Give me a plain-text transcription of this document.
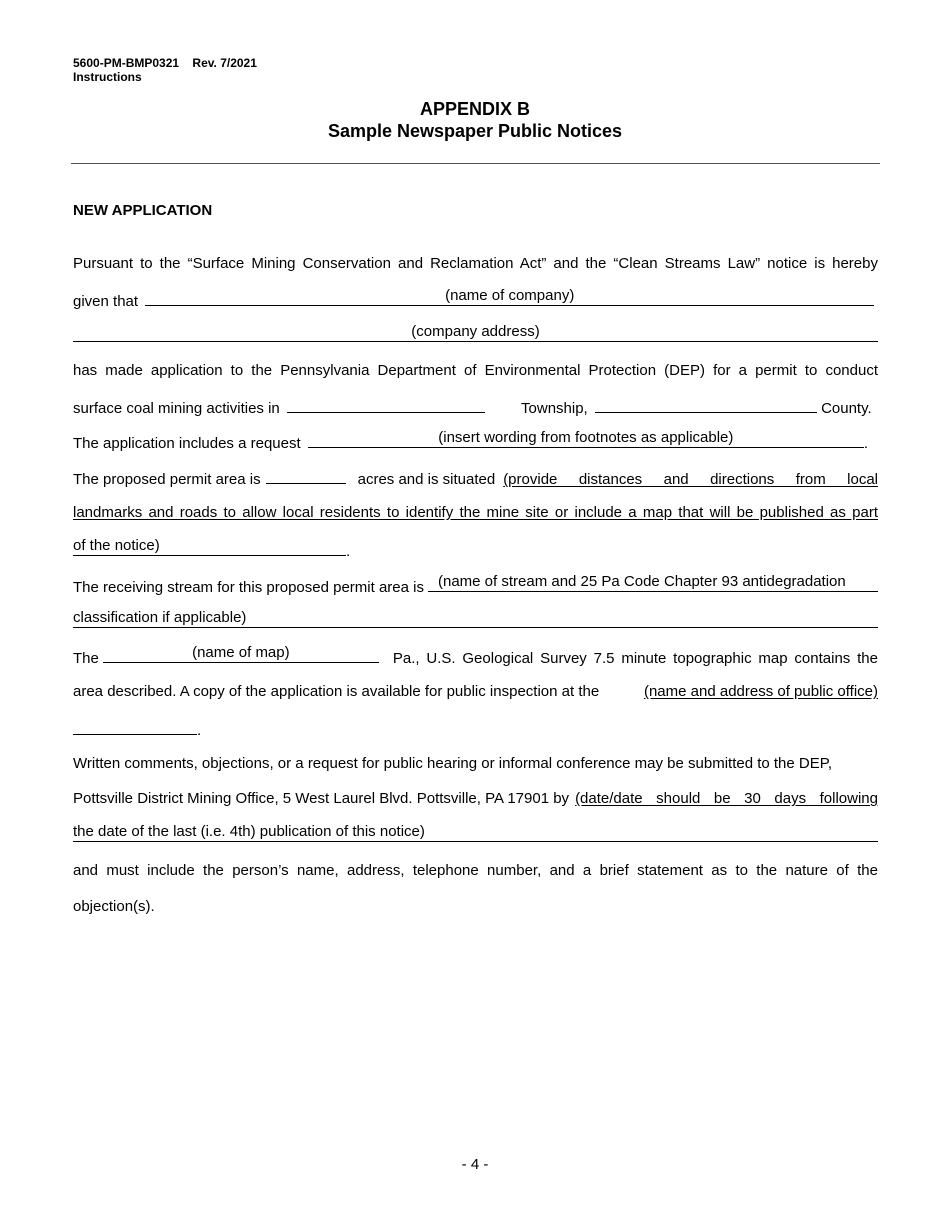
5600-PM-BMP0321 Rev. 7/2021
Instructions
APPENDIX B
Sample Newspaper Public Notices
NEW APPLICATION
Pursuant to the “Surface Mining Conservation and Reclamation Act” and the “Clean Streams Law” notice is hereby
given that	(name of company)
(company address)
has made application to the Pennsylvania Department of Environmental Protection (DEP) for a permit to conduct
surface coal mining activities in	Township,	County.
The application includes a request	(insert wording from footnotes as applicable)	.
The proposed permit area is	acres and is situated (provide distances and directions from local
landmarks and roads to allow local residents to identify the mine site or include a map that will be published as part
of the notice)	.
The receiving stream for this proposed permit area is (name of stream and 25 Pa Code Chapter 93 antidegradation
classification if applicable)
The	(name of map)	Pa., U.S. Geological Survey 7.5 minute topographic map contains the
area described. A copy of the application is available for public inspection at the	(name and address of public office)
.
Written comments, objections, or a request for public hearing or informal conference may be submitted to the DEP,
Pottsville District Mining Office, 5 West Laurel Blvd. Pottsville, PA 17901 by (date/date should be 30 days following
the date of the last (i.e. 4th) publication of this notice)
and must include the person’s name, address, telephone number, and a brief statement as to the nature of the
objection(s).
- 4 -
